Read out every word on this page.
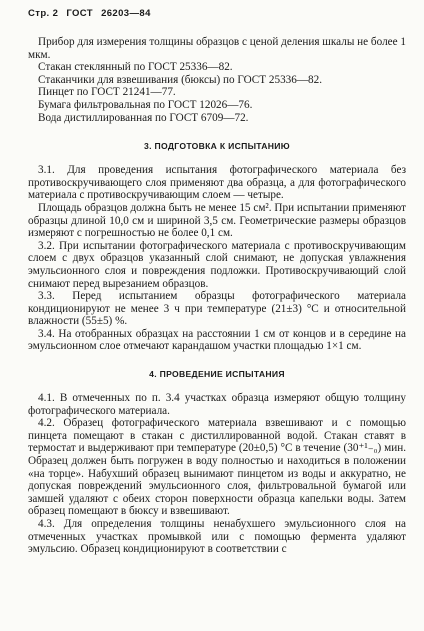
Стр. 2 ГОСТ 26203—84

Прибор для измерения толщины образцов с ценой деления шкалы не более 1 мкм.

Стакан стеклянный по ГОСТ 25336—82.

Стаканчики для взвешивания (бюксы) по ГОСТ 25336—82.

Пинцет по ГОСТ 21241—77.

Бумага фильтровальная по ГОСТ 12026—76.

Вода дистиллированная по ГОСТ 6709—72.

3. ПОДГОТОВКА К ИСПЫТАНИЮ

3.1. Для проведения испытания фотографического материала без противоскручивающего слоя применяют два образца, а для фотографического материала с противоскручивающим слоем — четыре.

Площадь образцов должна быть не менее 15 см². При испытании применяют образцы длиной 10,0 см и шириной 3,5 см. Геометрические размеры образцов измеряют с погрешностью не более 0,1 см.

3.2. При испытании фотографического материала с противоскручивающим слоем с двух образцов указанный слой снимают, не допуская увлажнения эмульсионного слоя и повреждения подложки. Противоскручивающий слой снимают перед вырезанием образцов.

3.3. Перед испытанием образцы фотографического материала кондиционируют не менее 3 ч при температуре (21±3) °С и относительной влажности (55±5) %.

3.4. На отобранных образцах на расстоянии 1 см от концов и в середине на эмульсионном слое отмечают карандашом участки площадью 1×1 см.

4. ПРОВЕДЕНИЕ ИСПЫТАНИЯ

4.1. В отмеченных по п. 3.4 участках образца измеряют общую толщину фотографического материала.

4.2. Образец фотографического материала взвешивают и с помощью пинцета помещают в стакан с дистиллированной водой. Стакан ставят в термостат и выдерживают при температуре (20±0,5) °С в течение (30⁺¹₋₀) мин. Образец должен быть погружен в воду полностью и находиться в положении «на торце». Набухший образец вынимают пинцетом из воды и аккуратно, не допуская повреждений эмульсионного слоя, фильтровальной бумагой или замшей удаляют с обеих сторон поверхности образца капельки воды. Затем образец помещают в бюксу и взвешивают.

4.3. Для определения толщины ненабухшего эмульсионного слоя на отмеченных участках промывкой или с помощью фермента удаляют эмульсию. Образец кондиционируют в соответствии с
